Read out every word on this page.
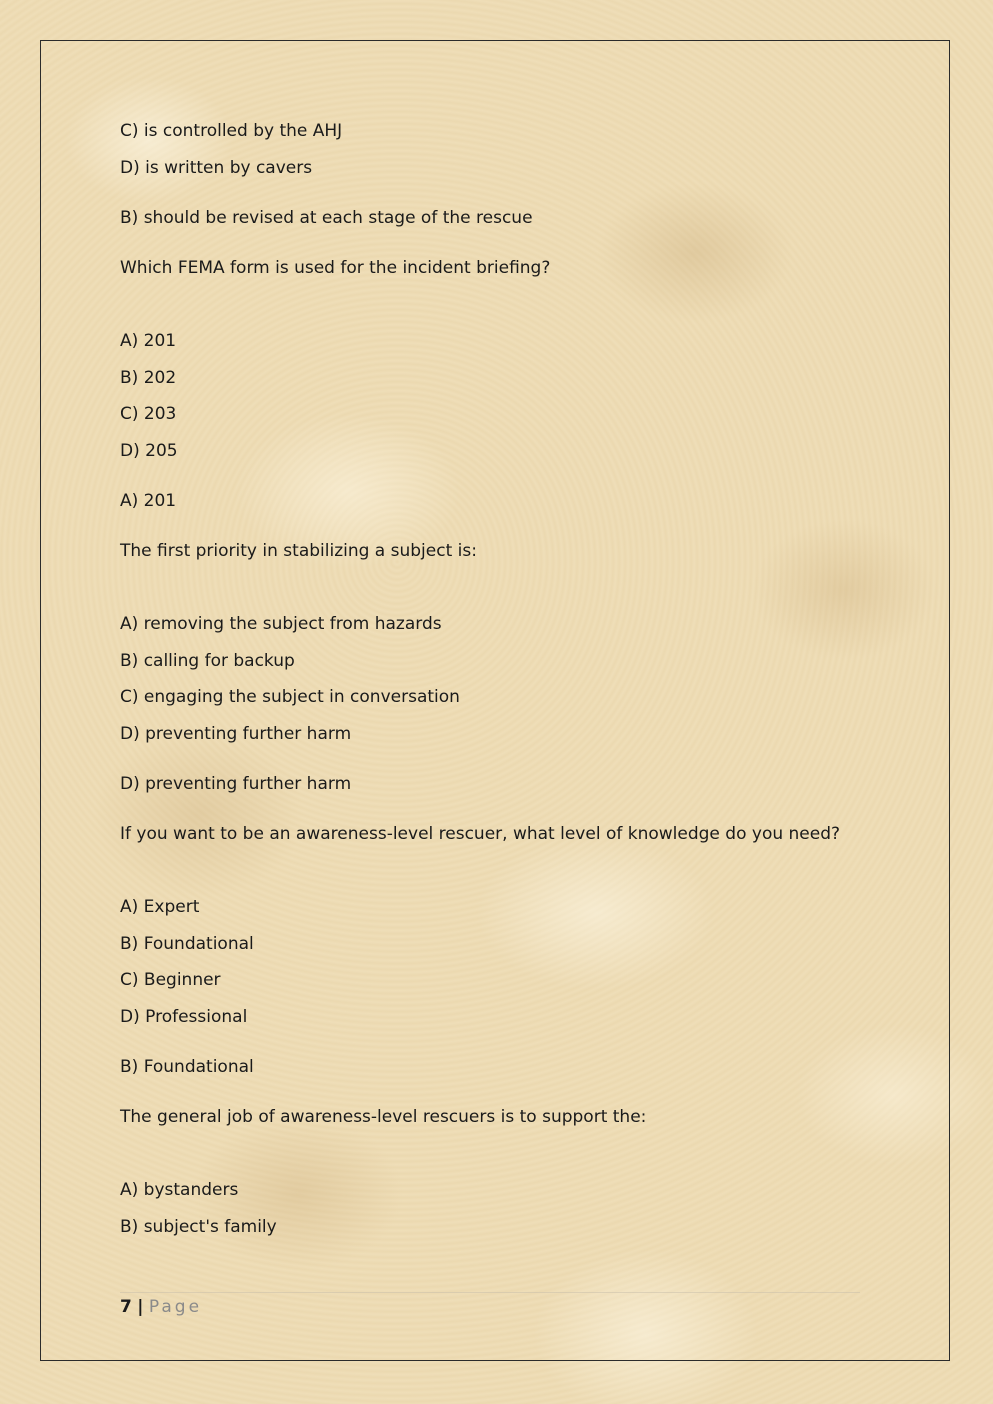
C) is controlled by the AHJ
D) is written by cavers
B) should be revised at each stage of the rescue
Which FEMA form is used for the incident briefing?
A) 201
B) 202
C) 203
D) 205
A) 201
The first priority in stabilizing a subject is:
A) removing the subject from hazards
B) calling for backup
C) engaging the subject in conversation
D) preventing further harm
D) preventing further harm
If you want to be an awareness-level rescuer, what level of knowledge do you need?
A) Expert
B) Foundational
C) Beginner
D) Professional
B) Foundational
The general job of awareness-level rescuers is to support the:
A) bystanders
B) subject's family
7 | Page
